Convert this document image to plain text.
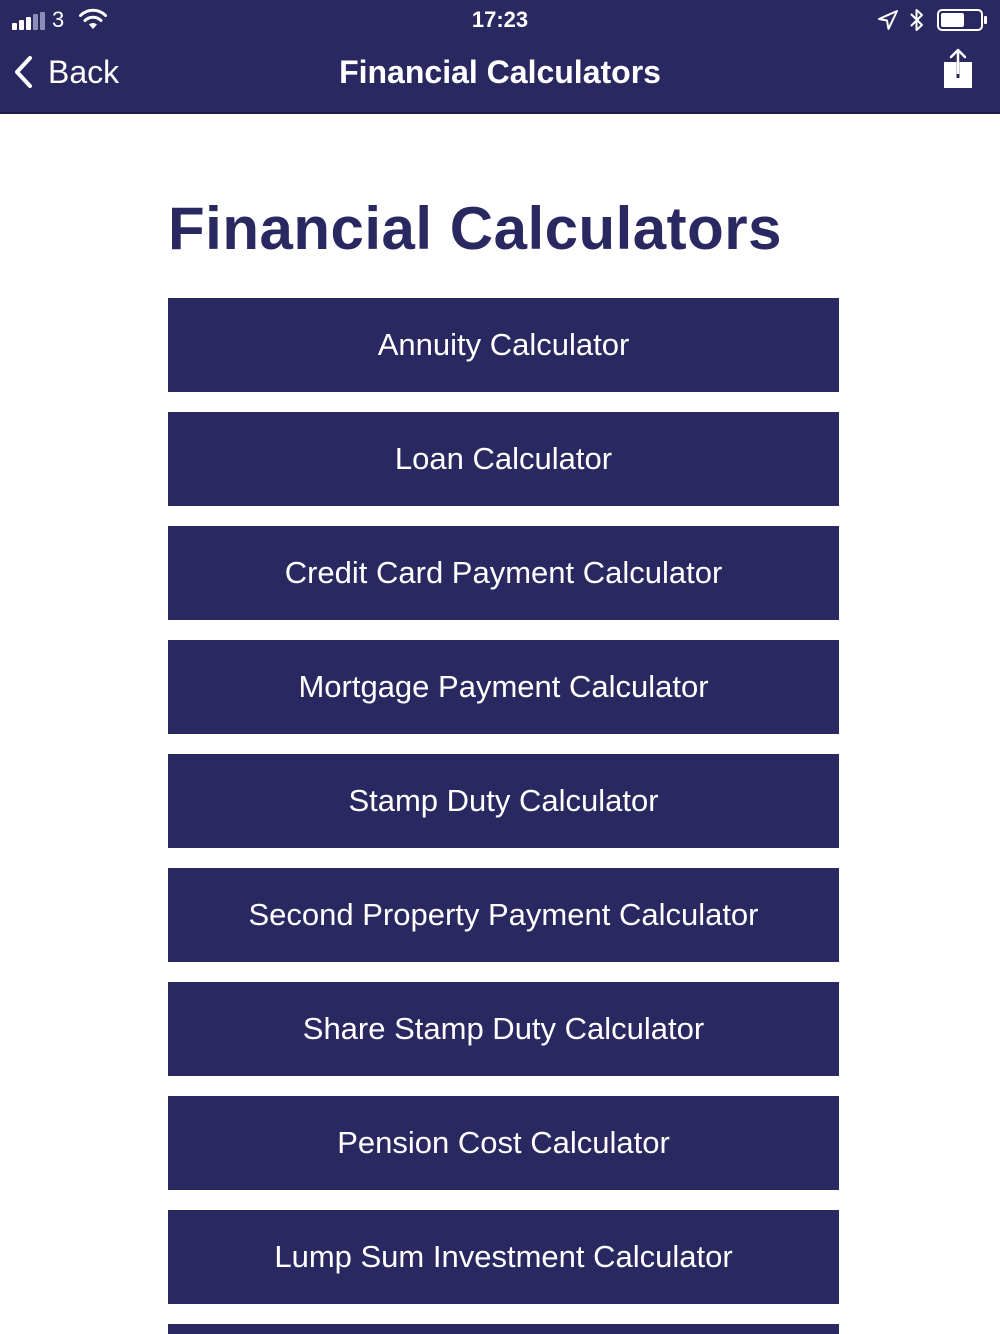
3	17:23
Back	Financial Calculators
Financial Calculators
Annuity Calculator
Loan Calculator
Credit Card Payment Calculator
Mortgage Payment Calculator
Stamp Duty Calculator
Second Property Payment Calculator
Share Stamp Duty Calculator
Pension Cost Calculator
Lump Sum Investment Calculator
